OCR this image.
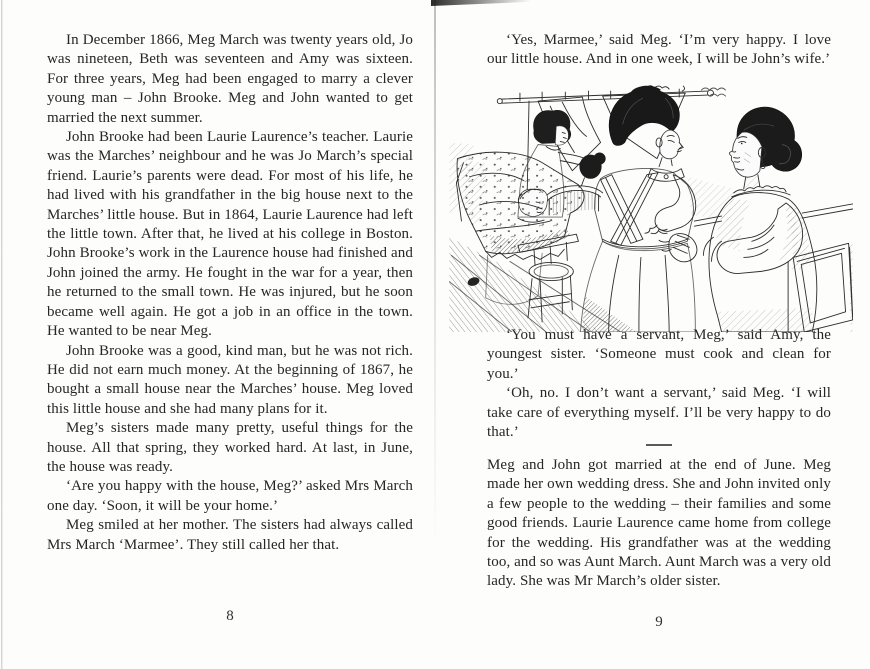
In December 1866, Meg March was twenty years old, Jo was nineteen, Beth was seventeen and Amy was sixteen. For three years, Meg had been engaged to marry a clever young man – John Brooke. Meg and John wanted to get married the next summer.

John Brooke had been Laurie Laurence’s teacher. Laurie was the Marches’ neighbour and he was Jo March’s special friend. Laurie’s parents were dead. For most of his life, he had lived with his grandfather in the big house next to the Marches’ little house. But in 1864, Laurie Laurence had left the little town. After that, he lived at his college in Boston. John Brooke’s work in the Laurence house had finished and John joined the army. He fought in the war for a year, then he returned to the small town. He was injured, but he soon became well again. He got a job in an office in the town. He wanted to be near Meg.

John Brooke was a good, kind man, but he was not rich. He did not earn much money. At the beginning of 1867, he bought a small house near the Marches’ house. Meg loved this little house and she had many plans for it.

Meg’s sisters made many pretty, useful things for the house. All that spring, they worked hard. At last, in June, the house was ready.

‘Are you happy with the house, Meg?’ asked Mrs March one day. ‘Soon, it will be your home.’

Meg smiled at her mother. The sisters had always called Mrs March ‘Marmee’. They still called her that.

8

‘Yes, Marmee,’ said Meg. ‘I’m very happy. I love our little house. And in one week, I will be John’s wife.’

‘You must have a servant, Meg,’ said Amy, the youngest sister. ‘Someone must cook and clean for you.’

‘Oh, no. I don’t want a servant,’ said Meg. ‘I will take care of everything myself. I’ll be very happy to do that.’

Meg and John got married at the end of June. Meg made her own wedding dress. She and John invited only a few people to the wedding – their families and some good friends. Laurie Laurence came home from college for the wedding. His grandfather was at the wedding too, and so was Aunt March. Aunt March was a very old lady. She was Mr March’s older sister.

9
